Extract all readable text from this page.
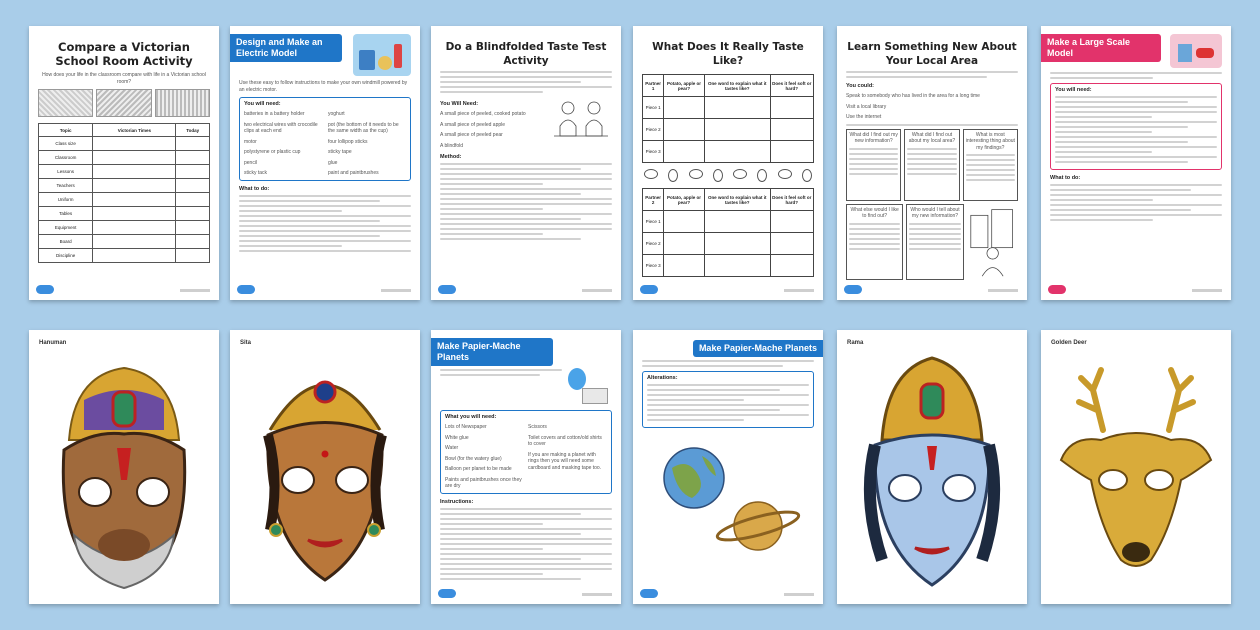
Compare a Victorian School Room Activity
How does your life in the classroom compare with life in a Victorian school room?
Topic	Victorian Times	Today
Class size		
Classroom		
Lessons		
Teachers		
Uniform		
Tables		
Equipment		
Board		
Discipline		
Design and Make an Electric Model
Use these easy to follow instructions to make your own windmill powered by an electric motor.
You will need:
batteries in a battery holder
two electrical wires with crocodile clips at each end
motor
polystyrene or plastic cup
pencil
sticky tack
yoghurt
pot (the bottom of it needs to be the same width as the cup)
four lollipop sticks
sticky tape
glue
paint and paintbrushes
What to do:
Do a Blindfolded Taste Test Activity
You Will Need:
A small piece of peeled, cooked potato
A small piece of peeled apple
A small piece of peeled pear
A blindfold
Method:
What Does It Really Taste Like?
Partner 1	Potato, apple or pear?	One word to explain what it tastes like?	Does it feel soft or hard?
Piece 1			
Piece 2			
Piece 3			
Partner 2	Potato, apple or pear?	One word to explain what it tastes like?	Does it feel soft or hard?
Piece 1			
Piece 2			
Piece 3			
Learn Something New About Your Local Area
You could:
Speak to somebody who has lived in the area for a long time
Visit a local library
Use the internet
What did I find out my new information?
What did I find out about my local area?
What is most interesting thing about my findings?
What else would I like to find out?
Who would I tell about my new information?
Make a Large Scale Model
You will need:
What to do:
Hanuman	Sita	Make Papier-Mache Planets
What you will need:
Lots of Newspaper
White glue
Water
Bowl (for the watery glue)
Balloon per planet to be made
Paints and paintbrushes once they are dry
Scissors
Toilet covers and cotton/old shirts to cover
If you are making a planet with rings then you will need some cardboard and masking tape too.
Instructions:
Make Papier-Mache Planets
Alterations:
Rama	Golden Deer
